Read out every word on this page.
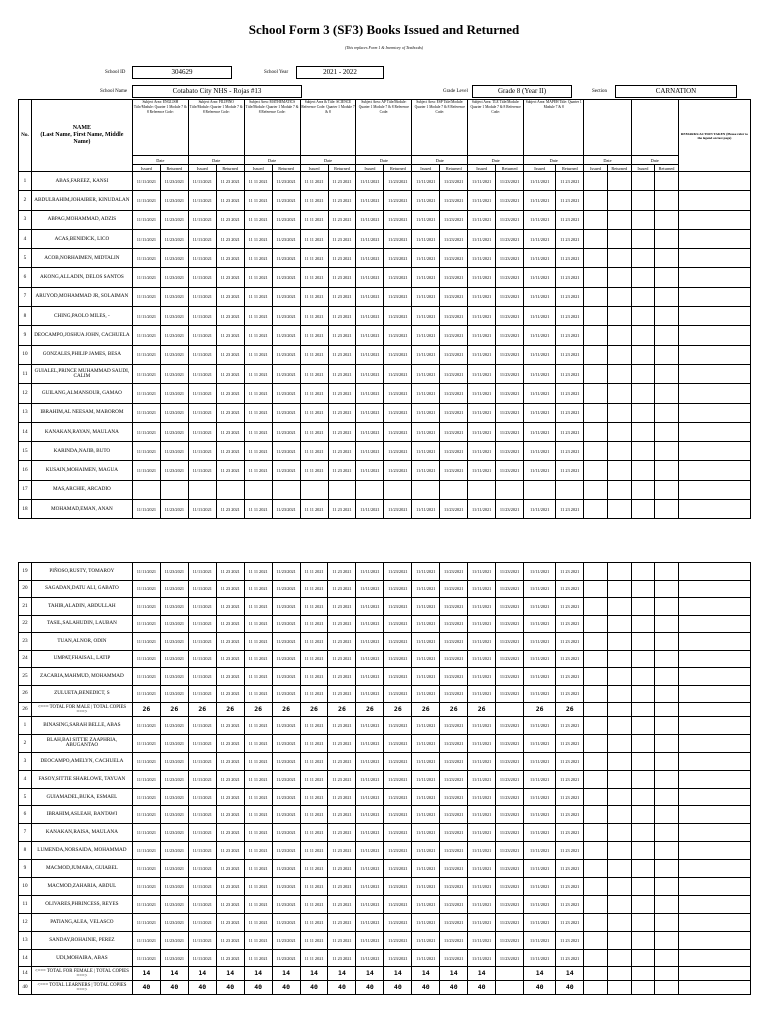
School Form 3 (SF3) Books Issued and Returned
(This replaces Form 1 & Inventory of Textbooks)
School ID	304629	School Year	2021 - 2022
School Name	Cotabato City NHS - Rojas #13	Grade Level	Grade 8 (Year II)	Section	CARNATION
No.	NAME
(Last Name, First Name, Middle
Name)	Subject Area: ENGLISH Title/Module: Quarter 1 Module 7 & 8 Reference Code:		Subject Area: FILIPINO Title/Module: Quarter 1 Module 7 & 8 Reference Code:		Subject Area: MATHEMATICS Title/Module: Quarter 1 Module 7 & 8 Reference Code:		Subject Area & Title: SCIENCE Reference Code: Quarter 1 Module 7 & 8		Subject Area: AP Title/Module: Quarter 1 Module 7 & 8 Reference Code:		Subject Area: ESP Title/Module: Quarter 1 Module 7 & 8 Reference Code:		Subject Area: TLE Title/Module: Quarter 1 Module 7 & 8 Reference Code:		Subject Area: MAPEH Title: Quarter 1 Module 7 & 8						REMARKS/ACTION TAKEN (Please refer to the legend on last page)
		Date		Date		Date		Date		Date		Date		Date		Date		Date		Date		
		Issued	Returned	Issued	Returned	Issued	Returned	Issued	Returned	Issued	Returned	Issued	Returned	Issued	Returned	Issued	Returned	Issued	Returned	Issued	Returned	
1	ABAS,FAREEZ, KANSI	11/11/2021	11/23/2021	11/11/2021	11 23 2021	11 11 2021	11/23/2021	11 11 2021	11 23 2021	11/11/2021	11/23/2021	11/11/2021	11/23/2021	11/11/2021	11/23/2021	11/11/2021	11 23 2021					
2	ABDULRAHIM,JOHAIBER, KINUDALAN	11/11/2021	11/23/2021	11/11/2021	11 23 2021	11 11 2021	11/23/2021	11 11 2021	11 23 2021	11/11/2021	11/23/2021	11/11/2021	11/23/2021	11/11/2021	11/23/2021	11/11/2021	11 23 2021					
3	ABPAG,MOHAMMAD, ADZIS	11/11/2021	11/23/2021	11/11/2021	11 23 2021	11 11 2021	11/23/2021	11 11 2021	11 23 2021	11/11/2021	11/23/2021	11/11/2021	11/23/2021	11/11/2021	11/23/2021	11/11/2021	11 23 2021					
4	ACAS,BENIDICK, LICO	11/11/2021	11/23/2021	11/11/2021	11 23 2021	11 11 2021	11/23/2021	11 11 2021	11 23 2021	11/11/2021	11/23/2021	11/11/2021	11/23/2021	11/11/2021	11/23/2021	11/11/2021	11 23 2021					
5	ACOB,NORHAIMEN, MIDTALIN	11/11/2021	11/23/2021	11/11/2021	11 23 2021	11 11 2021	11/23/2021	11 11 2021	11 23 2021	11/11/2021	11/23/2021	11/11/2021	11/23/2021	11/11/2021	11/23/2021	11/11/2021	11 23 2021					
6	AKONG,ALLADIN, DELOS SANTOS	11/11/2021	11/23/2021	11/11/2021	11 23 2021	11 11 2021	11/23/2021	11 11 2021	11 23 2021	11/11/2021	11/23/2021	11/11/2021	11/23/2021	11/11/2021	11/23/2021	11/11/2021	11 23 2021					
7	ARUYOD,MOHAMMAD JR, SOLAIMAN	11/11/2021	11/23/2021	11/11/2021	11 23 2021	11 11 2021	11/23/2021	11 11 2021	11 23 2021	11/11/2021	11/23/2021	11/11/2021	11/23/2021	11/11/2021	11/23/2021	11/11/2021	11 23 2021					
8	CHING,PAOLO MILES, -	11/11/2021	11/23/2021	11/11/2021	11 23 2021	11 11 2021	11/23/2021	11 11 2021	11 23 2021	11/11/2021	11/23/2021	11/11/2021	11/23/2021	11/11/2021	11/23/2021	11/11/2021	11 23 2021					
9	DEOCAMPO,JOSHUA JOHN, CACHUELA	11/11/2021	11/23/2021	11/11/2021	11 23 2021	11 11 2021	11/23/2021	11 11 2021	11 23 2021	11/11/2021	11/23/2021	11/11/2021	11/23/2021	11/11/2021	11/23/2021	11/11/2021	11 23 2021					
10	GONZALES,PHILIP JAMES, BESA	11/11/2021	11/23/2021	11/11/2021	11 23 2021	11 11 2021	11/23/2021	11 11 2021	11 23 2021	11/11/2021	11/23/2021	11/11/2021	11/23/2021	11/11/2021	11/23/2021	11/11/2021	11 23 2021					
11	GUIALEL,PRINCE MUHAMMAD SAUDI, CALIM	11/11/2021	11/23/2021	11/11/2021	11 23 2021	11 11 2021	11/23/2021	11 11 2021	11 23 2021	11/11/2021	11/23/2021	11/11/2021	11/23/2021	11/11/2021	11/23/2021	11/11/2021	11 23 2021					
12	GUILANG,ALMANSOUR, GAMAO	11/11/2021	11/23/2021	11/11/2021	11 23 2021	11 11 2021	11/23/2021	11 11 2021	11 23 2021	11/11/2021	11/23/2021	11/11/2021	11/23/2021	11/11/2021	11/23/2021	11/11/2021	11 23 2021					
13	IBRAHIM,AL NEESAM, MABOROM	11/11/2021	11/23/2021	11/11/2021	11 23 2021	11 11 2021	11/23/2021	11 11 2021	11 23 2021	11/11/2021	11/23/2021	11/11/2021	11/23/2021	11/11/2021	11/23/2021	11/11/2021	11 23 2021					
14	KANAKAN,RAYAN, MAULANA	11/11/2021	11/23/2021	11/11/2021	11 23 2021	11 11 2021	11/23/2021	11 11 2021	11 23 2021	11/11/2021	11/23/2021	11/11/2021	11/23/2021	11/11/2021	11/23/2021	11/11/2021	11 23 2021					
15	KARINDA,NAJIB, BUTO	11/11/2021	11/23/2021	11/11/2021	11 23 2021	11 11 2021	11/23/2021	11 11 2021	11 23 2021	11/11/2021	11/23/2021	11/11/2021	11/23/2021	11/11/2021	11/23/2021	11/11/2021	11 23 2021					
16	KUSAIN,MOHAIMEN, MAGUA	11/11/2021	11/23/2021	11/11/2021	11 23 2021	11 11 2021	11/23/2021	11 11 2021	11 23 2021	11/11/2021	11/23/2021	11/11/2021	11/23/2021	11/11/2021	11/23/2021	11/11/2021	11 23 2021					
17	MAS,ARCHIE, ARCADIO																					
18	MOHAMAD,EMAN, ANAN	11/11/2021	11/23/2021	11/11/2021	11 23 2021	11 11 2021	11/23/2021	11 11 2021	11 23 2021	11/11/2021	11/23/2021	11/11/2021	11/23/2021	11/11/2021	11/23/2021	11/11/2021	11 23 2021					
19	PIÑOSO,RUSTY, TOMAROY	11/11/2021	11/23/2021	11/11/2021	11 23 2021	11 11 2021	11/23/2021	11 11 2021	11 23 2021	11/11/2021	11/23/2021	11/11/2021	11/23/2021	11/11/2021	11/23/2021	11/11/2021	11 23 2021					
20	SAGADAN,DATU ALI, GABATO	11/11/2021	11/23/2021	11/11/2021	11 23 2021	11 11 2021	11/23/2021	11 11 2021	11 23 2021	11/11/2021	11/23/2021	11/11/2021	11/23/2021	11/11/2021	11/23/2021	11/11/2021	11 23 2021					
21	TAHIR,ALADIN, ABDULLAH	11/11/2021	11/23/2021	11/11/2021	11 23 2021	11 11 2021	11/23/2021	11 11 2021	11 23 2021	11/11/2021	11/23/2021	11/11/2021	11/23/2021	11/11/2021	11/23/2021	11/11/2021	11 23 2021					
22	TASIL,SALAHUDIN, LAUBAN	11/11/2021	11/23/2021	11/11/2021	11 23 2021	11 11 2021	11/23/2021	11 11 2021	11 23 2021	11/11/2021	11/23/2021	11/11/2021	11/23/2021	11/11/2021	11/23/2021	11/11/2021	11 23 2021					
23	TUAN,ALNOR, ODIN	11/11/2021	11/23/2021	11/11/2021	11 23 2021	11 11 2021	11/23/2021	11 11 2021	11 23 2021	11/11/2021	11/23/2021	11/11/2021	11/23/2021	11/11/2021	11/23/2021	11/11/2021	11 23 2021					
24	UMPAT,FHAISAL, LATIP	11/11/2021	11/23/2021	11/11/2021	11 23 2021	11 11 2021	11/23/2021	11 11 2021	11 23 2021	11/11/2021	11/23/2021	11/11/2021	11/23/2021	11/11/2021	11/23/2021	11/11/2021	11 23 2021					
25	ZACARIA,MAHMUD, MOHAMMAD	11/11/2021	11/23/2021	11/11/2021	11 23 2021	11 11 2021	11/23/2021	11 11 2021	11 23 2021	11/11/2021	11/23/2021	11/11/2021	11/23/2021	11/11/2021	11/23/2021	11/11/2021	11 23 2021					
26	ZULUETA,BENEDICT, S	11/11/2021	11/23/2021	11/11/2021	11 23 2021	11 11 2021	11/23/2021	11 11 2021	11 23 2021	11/11/2021	11/23/2021	11/11/2021	11/23/2021	11/11/2021	11/23/2021	11/11/2021	11 23 2021					
26	<=== TOTAL FOR MALE | TOTAL COPIES ===>	26	26	26	26	26	26	26	26	26	26	26	26	26		26	26					
1	BINASING,SARAH BELLE, ABAS	11/11/2021	11/23/2021	11/11/2021	11 23 2021	11 11 2021	11/23/2021	11 11 2021	11 23 2021	11/11/2021	11/23/2021	11/11/2021	11/23/2021	11/11/2021	11/23/2021	11/11/2021	11 23 2021					
2	BLAH,BAI SITTIE ZAAPHRIA, ABUGANTAO	11/11/2021	11/23/2021	11/11/2021	11 23 2021	11 11 2021	11/23/2021	11 11 2021	11 23 2021	11/11/2021	11/23/2021	11/11/2021	11/23/2021	11/11/2021	11/23/2021	11/11/2021	11 23 2021					
3	DEOCAMPO,AMELYN, CACHUELA	11/11/2021	11/23/2021	11/11/2021	11 23 2021	11 11 2021	11/23/2021	11 11 2021	11 23 2021	11/11/2021	11/23/2021	11/11/2021	11/23/2021	11/11/2021	11/23/2021	11/11/2021	11 23 2021					
4	FASOY,SITTIE SHARLOWE, TAYUAN	11/11/2021	11/23/2021	11/11/2021	11 23 2021	11 11 2021	11/23/2021	11 11 2021	11 23 2021	11/11/2021	11/23/2021	11/11/2021	11/23/2021	11/11/2021	11/23/2021	11/11/2021	11 23 2021					
5	GUIAMADEL,BUKA, ESMAEL	11/11/2021	11/23/2021	11/11/2021	11 23 2021	11 11 2021	11/23/2021	11 11 2021	11 23 2021	11/11/2021	11/23/2021	11/11/2021	11/23/2021	11/11/2021	11/23/2021	11/11/2021	11 23 2021					
6	IBRAHIM,ASLEAH, BANTAWI	11/11/2021	11/23/2021	11/11/2021	11 23 2021	11 11 2021	11/23/2021	11 11 2021	11 23 2021	11/11/2021	11/23/2021	11/11/2021	11/23/2021	11/11/2021	11/23/2021	11/11/2021	11 23 2021					
7	KANAKAN,RAISA, MAULANA	11/11/2021	11/23/2021	11/11/2021	11 23 2021	11 11 2021	11/23/2021	11 11 2021	11 23 2021	11/11/2021	11/23/2021	11/11/2021	11/23/2021	11/11/2021	11/23/2021	11/11/2021	11 23 2021					
8	LUMENDA,NORSAIDA, MOHAMMAD	11/11/2021	11/23/2021	11/11/2021	11 23 2021	11 11 2021	11/23/2021	11 11 2021	11 23 2021	11/11/2021	11/23/2021	11/11/2021	11/23/2021	11/11/2021	11/23/2021	11/11/2021	11 23 2021					
9	MACMOD,JUMARA, GUIABEL	11/11/2021	11/23/2021	11/11/2021	11 23 2021	11 11 2021	11/23/2021	11 11 2021	11 23 2021	11/11/2021	11/23/2021	11/11/2021	11/23/2021	11/11/2021	11/23/2021	11/11/2021	11 23 2021					
10	MACMOD,ZAHARIA, ABDUL	11/11/2021	11/23/2021	11/11/2021	11 23 2021	11 11 2021	11/23/2021	11 11 2021	11 23 2021	11/11/2021	11/23/2021	11/11/2021	11/23/2021	11/11/2021	11/23/2021	11/11/2021	11 23 2021					
11	OLIVARES,PHRINCESS, REYES	11/11/2021	11/23/2021	11/11/2021	11 23 2021	11 11 2021	11/23/2021	11 11 2021	11 23 2021	11/11/2021	11/23/2021	11/11/2021	11/23/2021	11/11/2021	11/23/2021	11/11/2021	11 23 2021					
12	PATIANG,ALEA, VELASCO	11/11/2021	11/23/2021	11/11/2021	11 23 2021	11 11 2021	11/23/2021	11 11 2021	11 23 2021	11/11/2021	11/23/2021	11/11/2021	11/23/2021	11/11/2021	11/23/2021	11/11/2021	11 23 2021					
13	SANDAY,ROHAINIE, PEREZ	11/11/2021	11/23/2021	11/11/2021	11 23 2021	11 11 2021	11/23/2021	11 11 2021	11 23 2021	11/11/2021	11/23/2021	11/11/2021	11/23/2021	11/11/2021	11/23/2021	11/11/2021	11 23 2021					
14	UDI,MOHAIRA, ABAS	11/11/2021	11/23/2021	11/11/2021	11 23 2021	11 11 2021	11/23/2021	11 11 2021	11 23 2021	11/11/2021	11/23/2021	11/11/2021	11/23/2021	11/11/2021	11/23/2021	11/11/2021	11 23 2021					
14	<=== TOTAL FOR FEMALE | TOTAL COPIES ===>	14	14	14	14	14	14	14	14	14	14	14	14	14		14	14					
40	<=== TOTAL LEARNERS | TOTAL COPIES ===>	40	40	40	40	40	40	40	40	40	40	40	40	40		40	40					
